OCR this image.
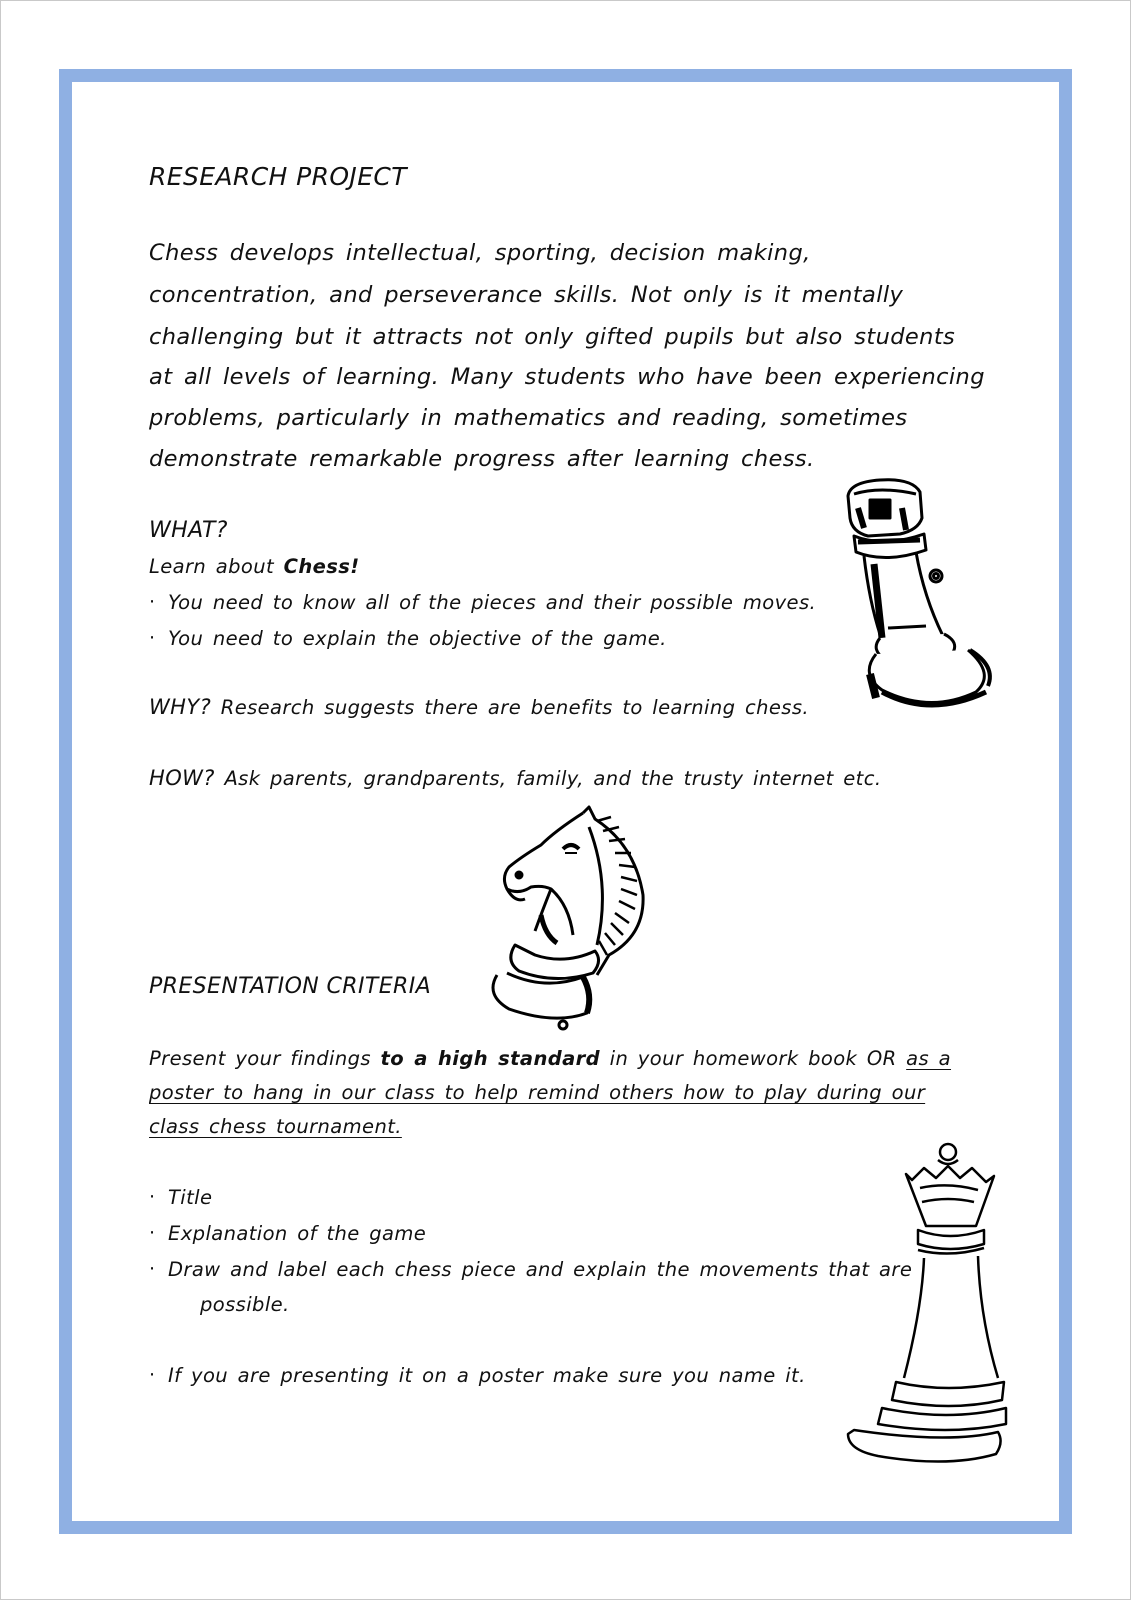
RESEARCH PROJECT
Chess develops intellectual, sporting, decision making,
concentration, and perseverance skills. Not only is it mentally
challenging but it attracts not only gifted pupils but also students
at all levels of learning. Many students who have been experiencing
problems, particularly in mathematics and reading, sometimes
demonstrate remarkable progress after learning chess.
WHAT?
Learn about Chess!
· You need to know all of the pieces and their possible moves.
· You need to explain the objective of the game.
WHY? Research suggests there are benefits to learning chess.
HOW? Ask parents, grandparents, family, and the trusty internet etc.
PRESENTATION CRITERIA
Present your findings to a high standard in your homework book OR as a
poster to hang in our class to help remind others how to play during our
class chess tournament.
· Title
· Explanation of the game
· Draw and label each chess piece and explain the movements that are
possible.
· If you are presenting it on a poster make sure you name it.
